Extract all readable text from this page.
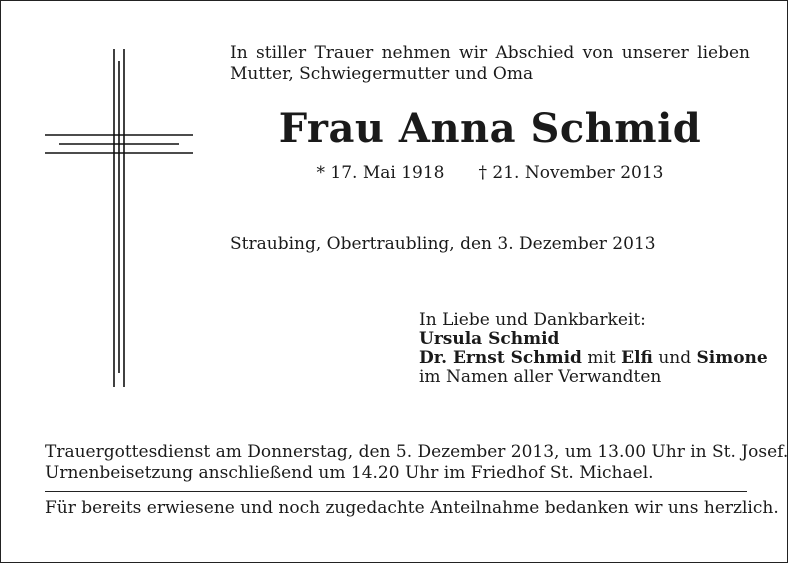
In stiller Trauer nehmen wir Abschied von unserer lieben
Mutter, Schwiegermutter und Oma
Frau Anna Schmid
* 17. Mai 1918 † 21. November 2013
Straubing, Obertraubling, den 3. Dezember 2013
In Liebe und Dankbarkeit:
Ursula Schmid
Dr. Ernst Schmid mit Elfi und Simone
im Namen aller Verwandten
Trauergottesdienst am Donnerstag, den 5. Dezember 2013, um 13.00 Uhr in St. Josef.
Urnenbeisetzung anschließend um 14.20 Uhr im Friedhof St. Michael.
Für bereits erwiesene und noch zugedachte Anteilnahme bedanken wir uns herzlich.
